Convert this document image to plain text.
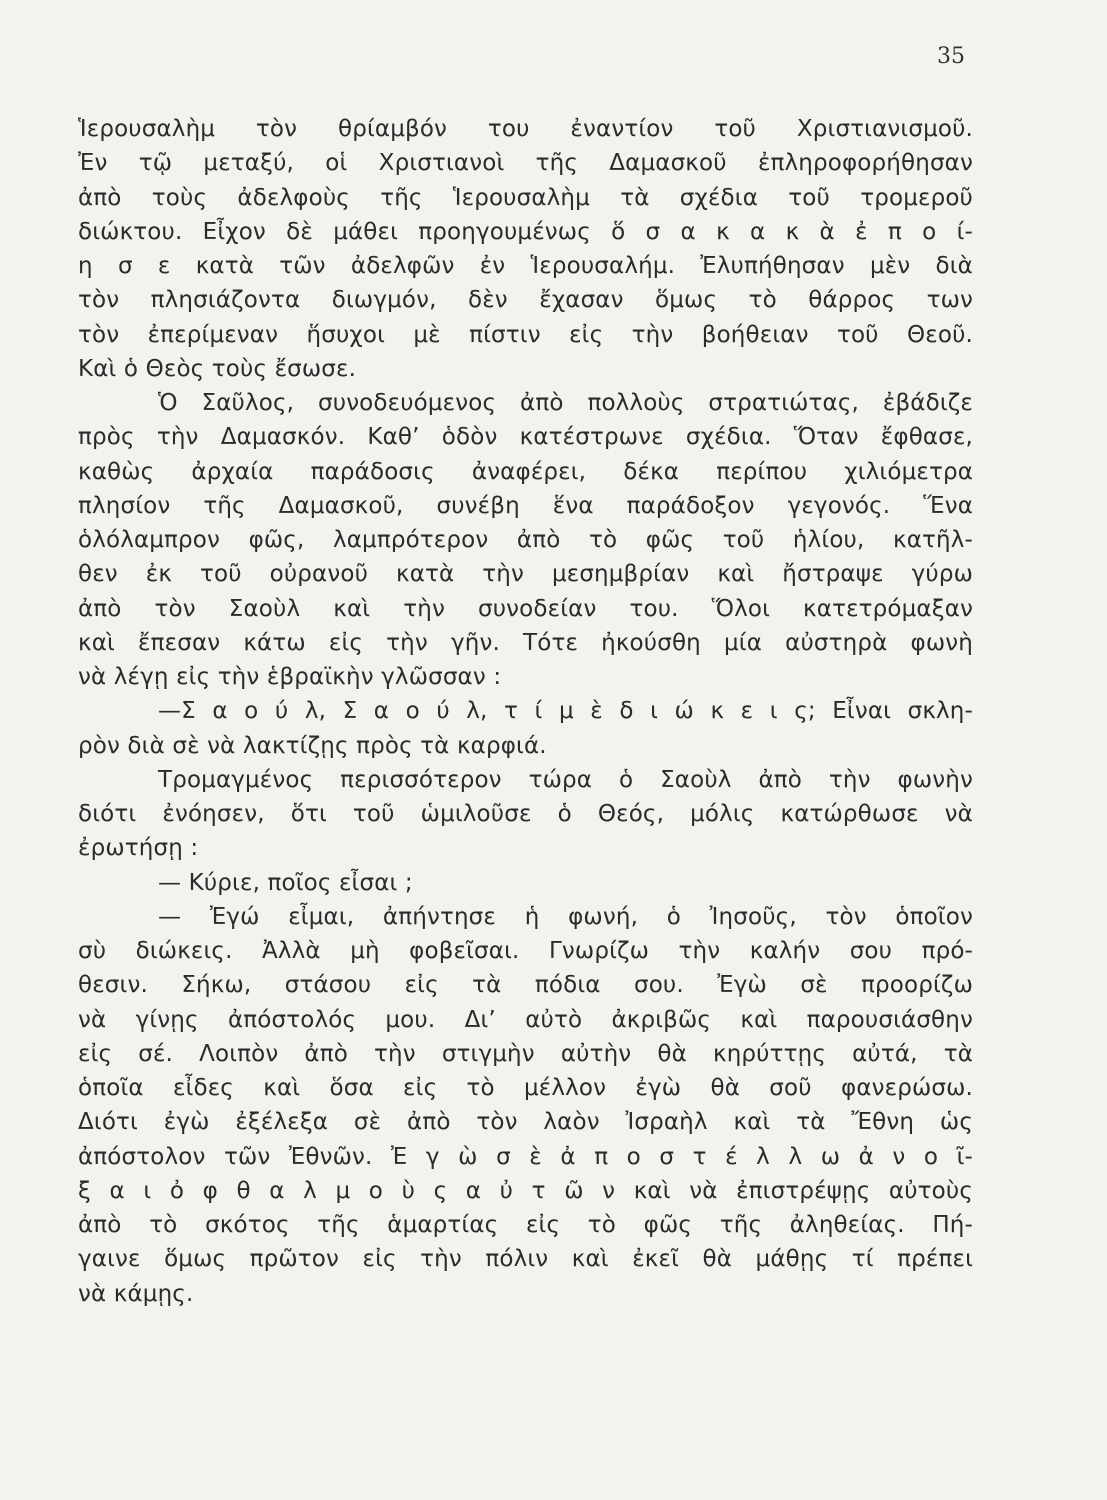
35
Ἱερουσαλὴμ τὸν θρίαμβόν του ἐναντίον τοῦ Χριστιανισμοῦ.
Ἐν τῷ μεταξύ, οἱ Χριστιανοὶ τῆς Δαμασκοῦ ἐπληροφορήθησαν
ἀπὸ τοὺς ἀδελφοὺς τῆς Ἱερουσαλὴμ τὰ σχέδια τοῦ τρομεροῦ
διώκτου. Εἶχον δὲ μάθει προηγουμένως ὅ σ α κ α κ ὰ ἐ π ο ί-
η σ ε κατὰ τῶν ἀδελφῶν ἐν Ἱερουσαλήμ. Ἐλυπήθησαν μὲν διὰ
τὸν πλησιάζοντα διωγμόν, δὲν ἔχασαν ὅμως τὸ θάρρος των
τὸν ἐπερίμεναν ἥσυχοι μὲ πίστιν εἰς τὴν βοήθειαν τοῦ Θεοῦ.
Καὶ ὁ Θεὸς τοὺς ἔσωσε.
Ὁ Σαῦλος, συνοδευόμενος ἀπὸ πολλοὺς στρατιώτας, ἐβάδιζε
πρὸς τὴν Δαμασκόν. Καθ’ ὁδὸν κατέστρωνε σχέδια. Ὅταν ἔφθασε,
καθὼς ἀρχαία παράδοσις ἀναφέρει, δέκα περίπου χιλιόμετρα
πλησίον τῆς Δαμασκοῦ, συνέβη ἕνα παράδοξον γεγονός. Ἕνα
ὁλόλαμπρον φῶς, λαμπρότερον ἀπὸ τὸ φῶς τοῦ ἡλίου, κατῆλ-
θεν ἐκ τοῦ οὐρανοῦ κατὰ τὴν μεσημβρίαν καὶ ἤστραψε γύρω
ἀπὸ τὸν Σαοὺλ καὶ τὴν συνοδείαν του. Ὅλοι κατετρόμαξαν
καὶ ἔπεσαν κάτω εἰς τὴν γῆν. Τότε ἠκούσθη μία αὐστηρὰ φωνὴ
νὰ λέγῃ εἰς τὴν ἑβραϊκὴν γλῶσσαν :
—Σ α ο ύ λ, Σ α ο ύ λ, τ ί μ ὲ δ ι ώ κ ε ι ς; Εἶναι σκλη-
ρὸν διὰ σὲ νὰ λακτίζῃς πρὸς τὰ καρφιά.
Τρομαγμένος περισσότερον τώρα ὁ Σαοὺλ ἀπὸ τὴν φωνὴν
διότι ἐνόησεν, ὅτι τοῦ ὡμιλοῦσε ὁ Θεός, μόλις κατώρθωσε νὰ
ἐρωτήσῃ :
— Κύριε, ποῖος εἶσαι ;
— Ἐγώ εἶμαι, ἀπήντησε ἡ φωνή, ὁ Ἰησοῦς, τὸν ὁποῖον
σὺ διώκεις. Ἀλλὰ μὴ φοβεῖσαι. Γνωρίζω τὴν καλήν σου πρό-
θεσιν. Σήκω, στάσου εἰς τὰ πόδια σου. Ἐγὼ σὲ προορίζω
νὰ γίνῃς ἀπόστολός μου. Δι’ αὐτὸ ἀκριβῶς καὶ παρουσιάσθην
εἰς σέ. Λοιπὸν ἀπὸ τὴν στιγμὴν αὐτὴν θὰ κηρύττῃς αὐτά, τὰ
ὁποῖα εἶδες καὶ ὅσα εἰς τὸ μέλλον ἐγὼ θὰ σοῦ φανερώσω.
Διότι ἐγὼ ἐξέλεξα σὲ ἀπὸ τὸν λαὸν Ἰσραὴλ καὶ τὰ Ἔθνη ὡς
ἀπόστολον τῶν Ἐθνῶν. Ἐ γ ὼ σ ὲ ἀ π ο σ τ έ λ λ ω ἀ ν ο ῖ-
ξ α ι ὀ φ θ α λ μ ο ὺ ς α ὐ τ ῶ ν καὶ νὰ ἐπιστρέψῃς αὐτοὺς
ἀπὸ τὸ σκότος τῆς ἁμαρτίας εἰς τὸ φῶς τῆς ἀληθείας. Πή-
γαινε ὅμως πρῶτον εἰς τὴν πόλιν καὶ ἐκεῖ θὰ μάθῃς τί πρέπει
νὰ κάμῃς.
